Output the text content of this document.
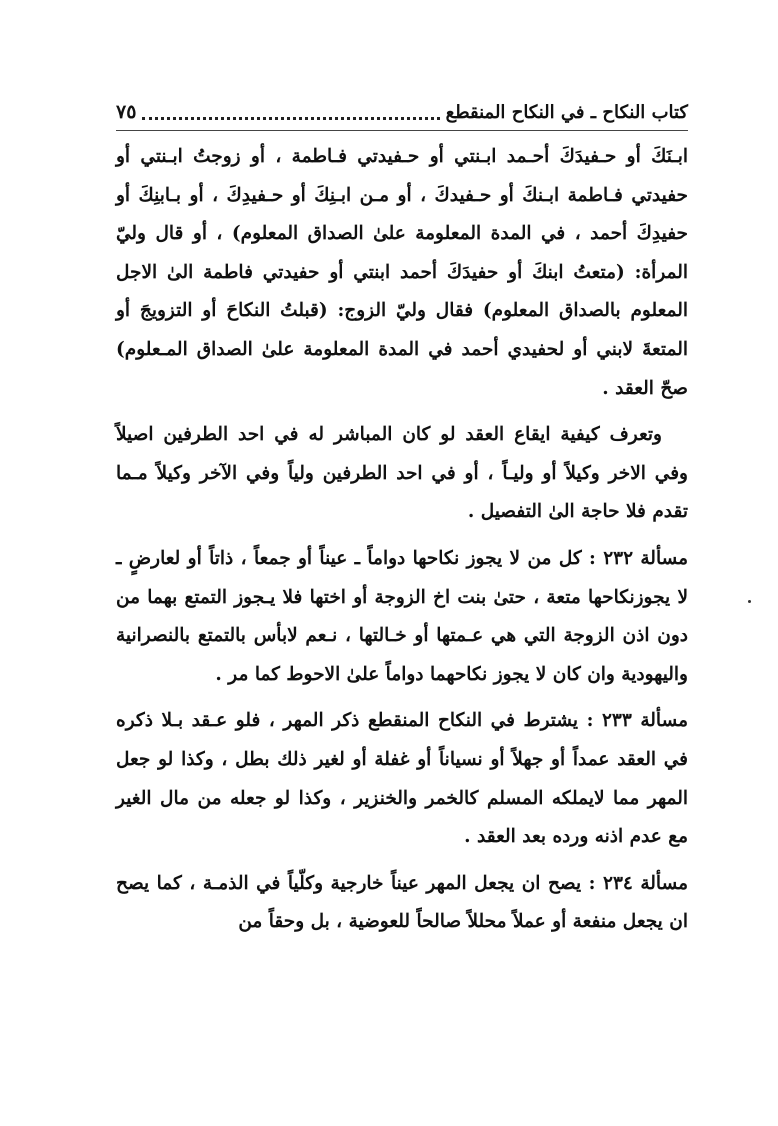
كتاب النكاح ـ في النكاح المنقطع
٧٥

ابـنَكَ أو حـفيدَكَ أحـمد ابـنتي أو حـفيدتي فـاطمة ، أو زوجتُ ابـنتي أو حفيدتي فـاطمة ابـنكَ أو حـفيدكَ ، أو مـن ابـنِكَ أو حـفيدِكَ ، أو بـابنِكَ أو حفيدِكَ أحمد ، في المدة المعلومة علىٰ الصداق المعلوم) ، أو قال وليّ المرأة: (متعتُ ابنكَ أو حفيدَكَ أحمد ابنتي أو حفيدتي فاطمة الىٰ الاجل المعلوم بالصداق المعلوم) فقال وليّ الزوج: (قبلتُ النكاحَ أو التزويجَ أو المتعةَ لابني أو لحفيدي أحمد في المدة المعلومة علىٰ الصداق المـعلوم) صحّ العقد .

وتعرف كيفية ايقاع العقد لو كان المباشر له في احد الطرفين اصيلاً وفي الاخر وكيلاً أو وليـاً ، أو في احد الطرفين ولياً وفي الآخر وكيلاً مـما تقدم فلا حاجة الىٰ التفصيل .

مسألة ٢٣٢ : كل من لا يجوز نكاحها دواماً ـ عيناً أو جمعاً ، ذاتاً أو لعارضٍ ـ لا يجوزنكاحها متعة ، حتىٰ بنت اخ الزوجة أو اختها فلا يـجوز التمتع بهما من دون اذن الزوجة التي هي عـمتها أو خـالتها ، نـعم لابأس بالتمتع بالنصرانية واليهودية وان كان لا يجوز نكاحهما دواماً علىٰ الاحوط كما مر .

مسألة ٢٣٣ : يشترط في النكاح المنقطع ذكر المهر ، فلو عـقد بـلا ذكره في العقد عمداً أو جهلاً أو نسياناً أو غفلة أو لغير ذلك بطل ، وكذا لو جعل المهر مما لايملكه المسلم كالخمر والخنزير ، وكذا لو جعله من مال الغير مع عدم اذنه ورده بعد العقد .

مسألة ٢٣٤ : يصح ان يجعل المهر عيناً خارجية وكلّياً في الذمـة ، كما يصح ان يجعل منفعة أو عملاً محللاً صالحاً للعوضية ، بل وحقاً من
